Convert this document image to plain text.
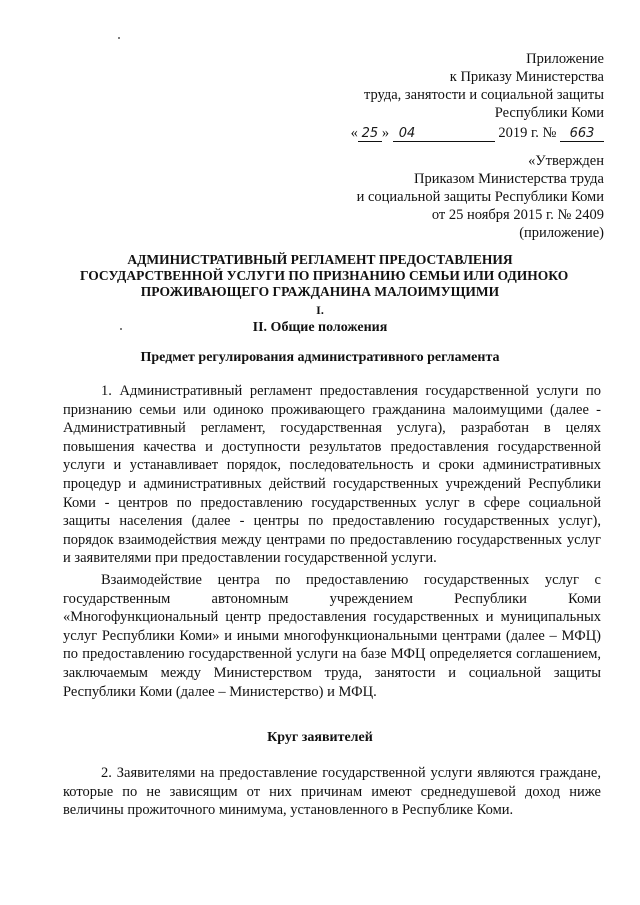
Приложение
к Приказу Министерства
труда, занятости и социальной защиты
Республики Коми
« 25 » 04	2019 г. № 663
«Утвержден
Приказом Министерства труда
и социальной защиты Республики Коми
от 25 ноября 2015 г. № 2409
(приложение)
АДМИНИСТРАТИВНЫЙ РЕГЛАМЕНТ ПРЕДОСТАВЛЕНИЯ
ГОСУДАРСТВЕННОЙ УСЛУГИ ПО ПРИЗНАНИЮ СЕМЬИ ИЛИ ОДИНОКО
ПРОЖИВАЮЩЕГО ГРАЖДАНИНА МАЛОИМУЩИМИ
I.
II. Общие положения
Предмет регулирования административного регламента

1. Административный регламент предоставления государственной услуги по признанию семьи или одиноко проживающего гражданина малоимущими (далее - Административный регламент, государственная услуга), разработан в целях повышения качества и доступности результатов предоставления государственной услуги и устанавливает порядок, последовательность и сроки административных процедур и административных действий государственных учреждений Республики Коми - центров по предоставлению государственных услуг в сфере социальной защиты населения (далее - центры по предоставлению государственных услуг), порядок взаимодействия между центрами по предоставлению государственных услуг и заявителями при предоставлении государственной услуги.

Взаимодействие центра по предоставлению государственных услуг с государственным автономным учреждением Республики Коми «Многофункциональный центр предоставления государственных и муниципальных услуг Республики Коми» и иными многофункциональными центрами (далее – МФЦ) по предоставлению государственной услуги на базе МФЦ определяется соглашением, заключаемым между Министерством труда, занятости и социальной защиты Республики Коми (далее – Министерство) и МФЦ.

Круг заявителей

2. Заявителями на предоставление государственной услуги являются граждане, которые по не зависящим от них причинам имеют среднедушевой доход ниже величины прожиточного минимума, установленного в Республике Коми.
